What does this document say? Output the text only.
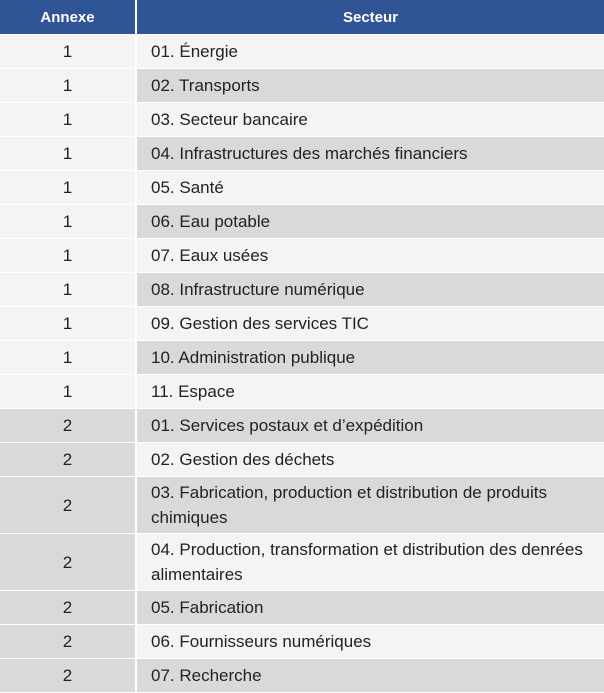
Annexe	Secteur
1	01. Énergie
1	02. Transports
1	03. Secteur bancaire
1	04. Infrastructures des marchés financiers
1	05. Santé
1	06. Eau potable
1	07. Eaux usées
1	08. Infrastructure numérique
1	09. Gestion des services TIC
1	10. Administration publique
1	11. Espace
2	01. Services postaux et d’expédition
2	02. Gestion des déchets
2	03. Fabrication, production et distribution de produits chimiques
2	04. Production, transformation et distribution des denrées alimentaires
2	05. Fabrication
2	06. Fournisseurs numériques
2	07. Recherche
